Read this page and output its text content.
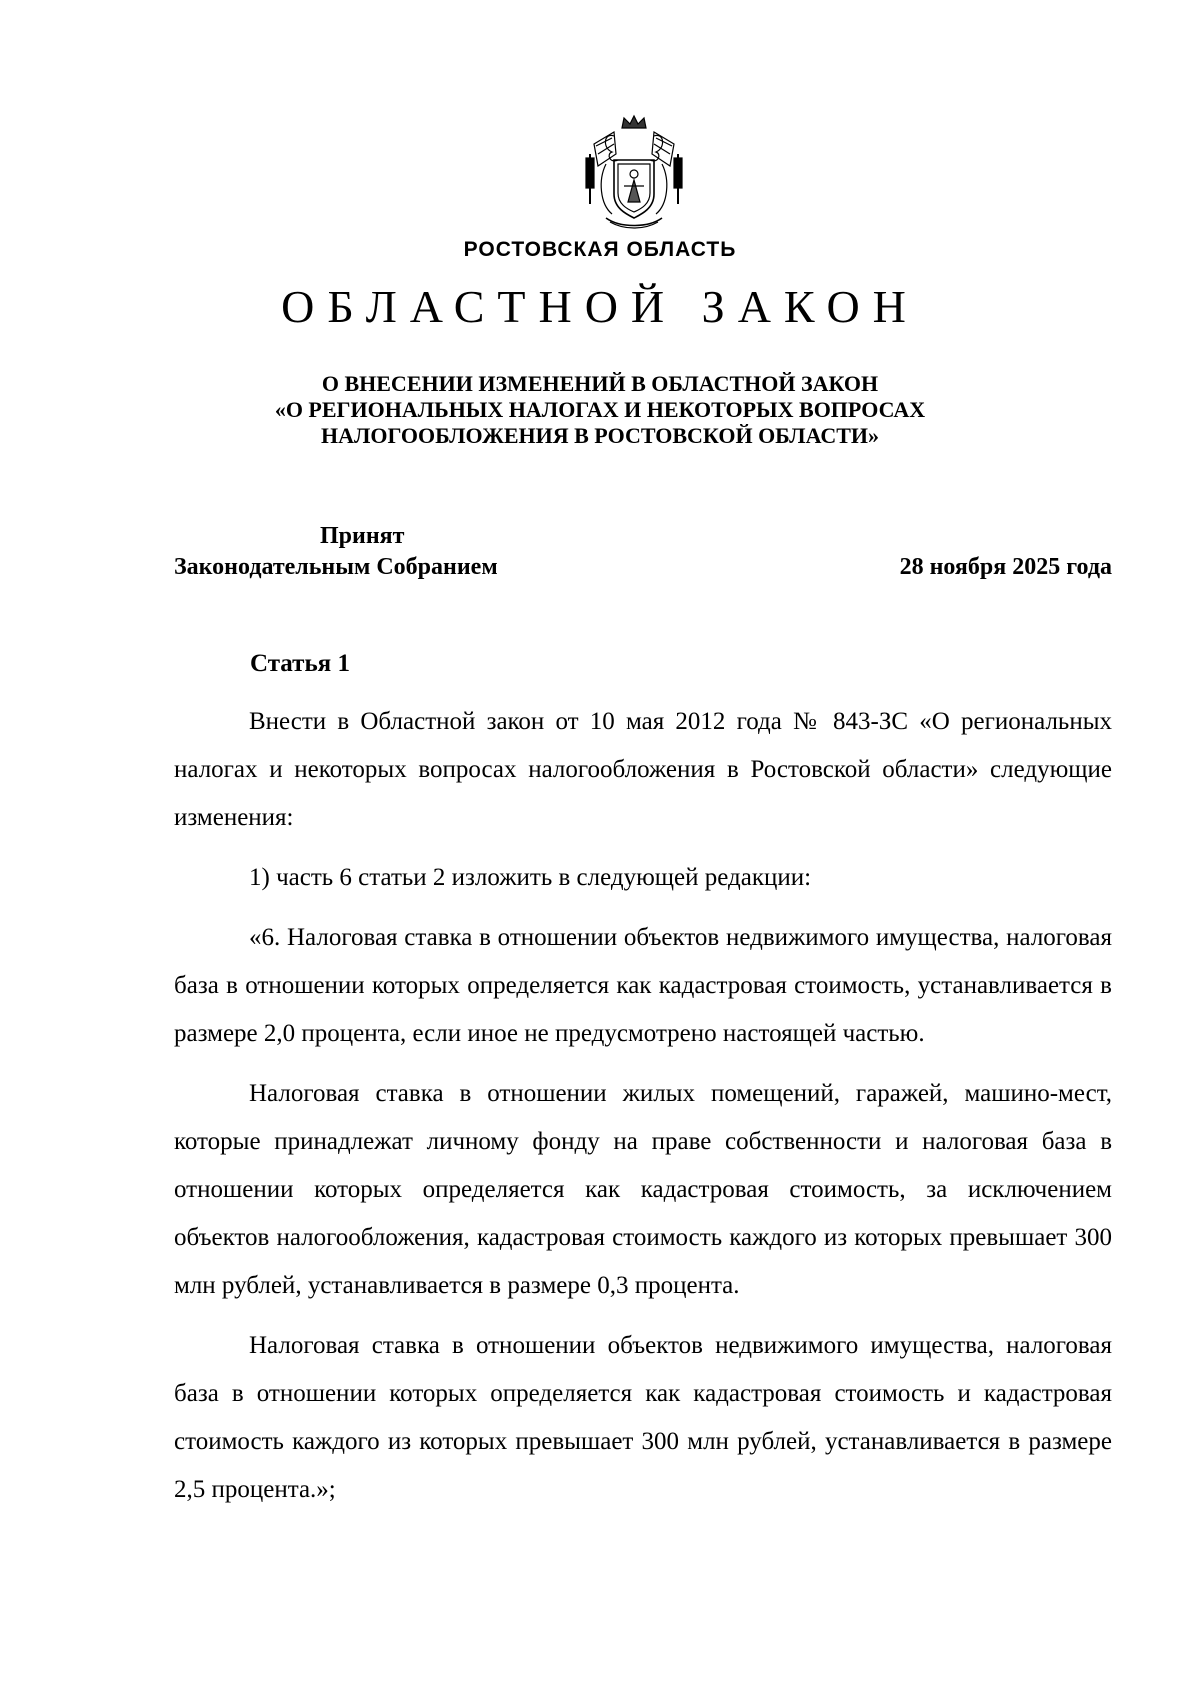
РОСТОВСКАЯ ОБЛАСТЬ
ОБЛАСТНОЙ ЗАКОН
О ВНЕСЕНИИ ИЗМЕНЕНИЙ В ОБЛАСТНОЙ ЗАКОН
«О РЕГИОНАЛЬНЫХ НАЛОГАХ И НЕКОТОРЫХ ВОПРОСАХ
НАЛОГООБЛОЖЕНИЯ В РОСТОВСКОЙ ОБЛАСТИ»
Принят
Законодательным Собранием	28 ноября 2025 года
Статья 1

Внести в Областной закон от 10 мая 2012 года № 843-ЗС «О региональных налогах и некоторых вопросах налогообложения в Ростовской области» следующие изменения:

1) часть 6 статьи 2 изложить в следующей редакции:

«6. Налоговая ставка в отношении объектов недвижимого имущества, налоговая база в отношении которых определяется как кадастровая стоимость, устанавливается в размере 2,0 процента, если иное не предусмотрено настоящей частью.

Налоговая ставка в отношении жилых помещений, гаражей, машино-мест, которые принадлежат личному фонду на праве собственности и налоговая база в отношении которых определяется как кадастровая стоимость, за исключением объектов налогообложения, кадастровая стоимость каждого из которых превышает 300 млн рублей, устанавливается в размере 0,3 процента.

Налоговая ставка в отношении объектов недвижимого имущества, налоговая база в отношении которых определяется как кадастровая стоимость и кадастровая стоимость каждого из которых превышает 300 млн рублей, устанавливается в размере 2,5 процента.»;
